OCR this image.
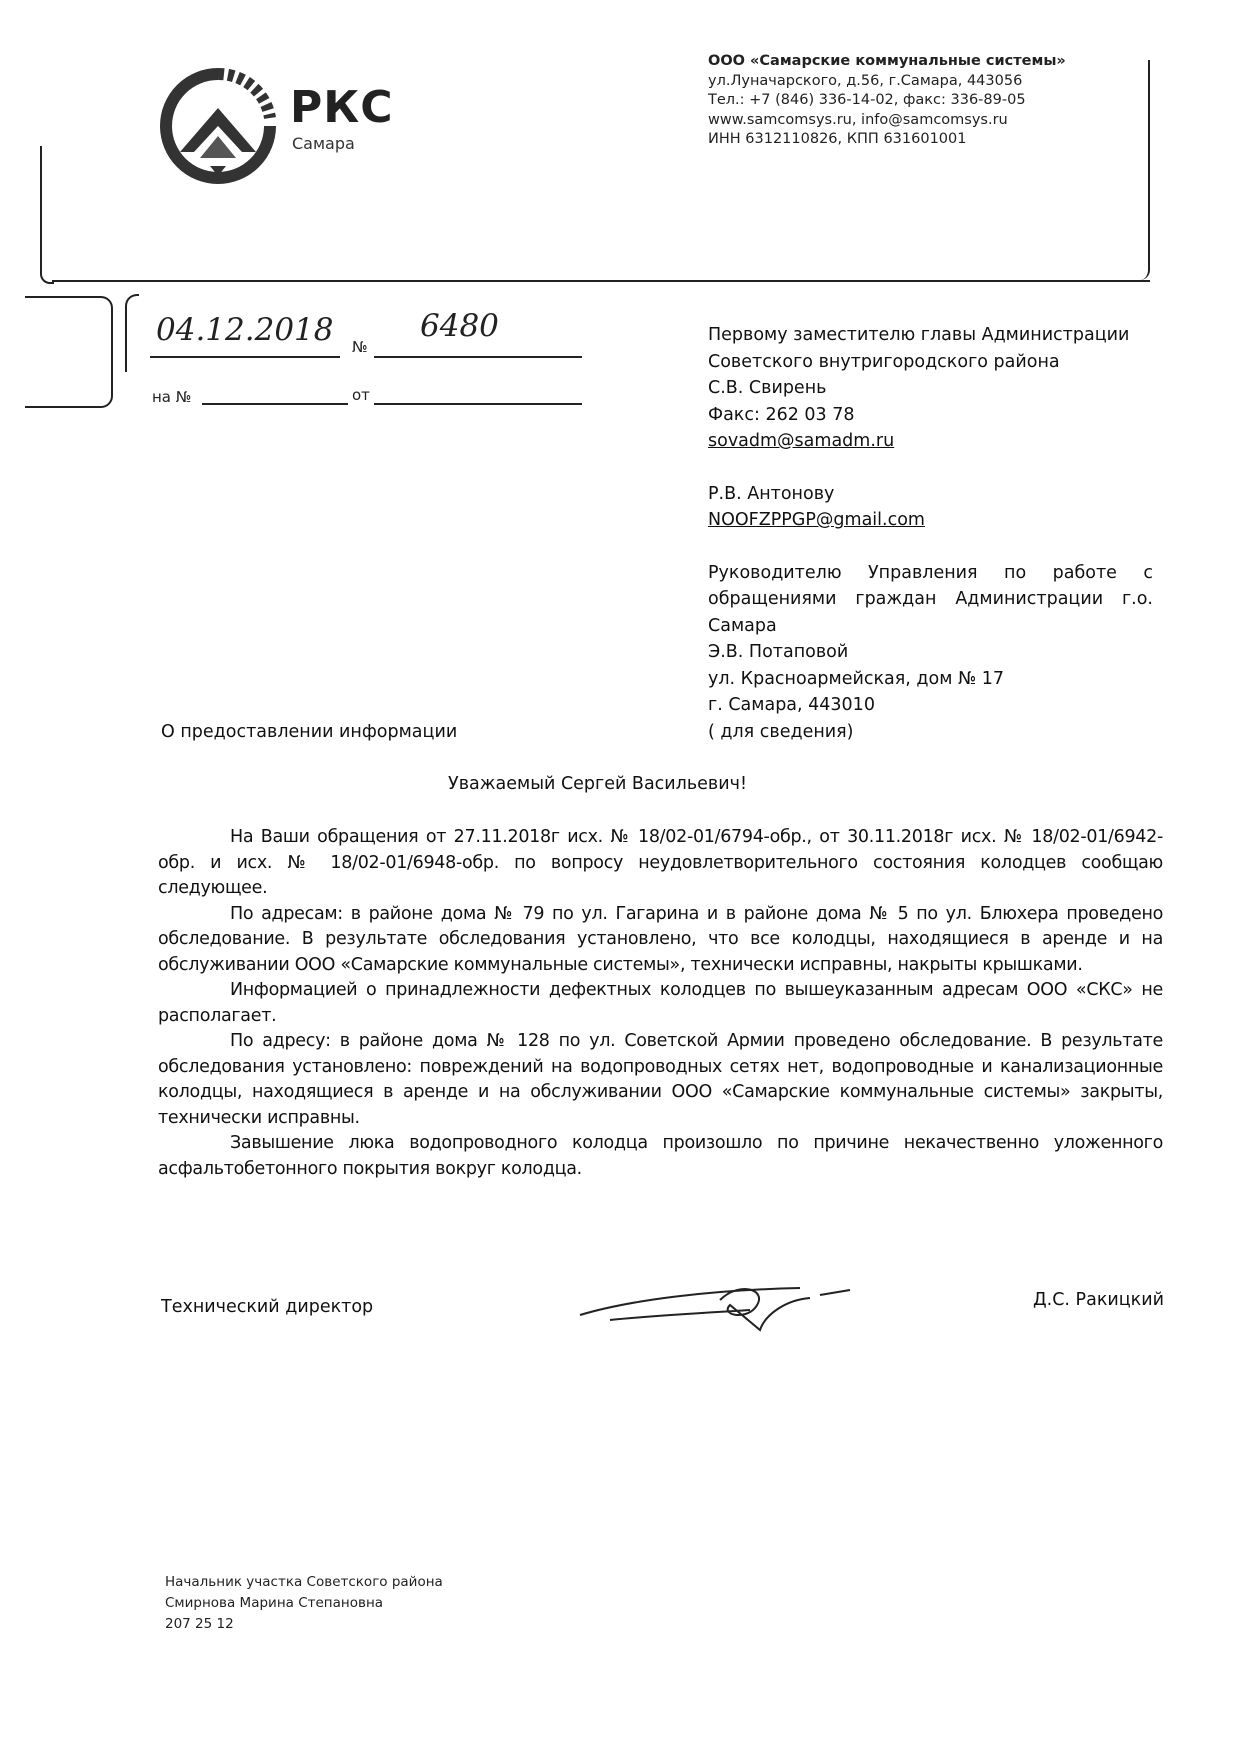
РКС
Самара
ООО «Самарские коммунальные системы»
ул.Луначарского, д.56, г.Самара, 443056
Тел.: +7 (846) 336-14-02, факс: 336-89-05
www.samcomsys.ru, info@samcomsys.ru
ИНН 6312110826, КПП 631601001
04.12.2018 №
6480
на №	от
Первому заместителю главы Администрации
Советского внутригородского района
С.В. Свирень
Факс: 262 03 78
sovadm@samadm.ru
Р.В. Антонову
NOOFZPPGP@gmail.com
Руководителю Управления по работе с
обращениями граждан Администрации г.о.
Самара
Э.В. Потаповой
ул. Красноармейская, дом № 17
г. Самара, 443010
( для сведения)
О предоставлении информации
Уважаемый Сергей Васильевич!

На Ваши обращения от 27.11.2018г исх. № 18/02-01/6794-обр., от 30.11.2018г исх. № 18/02-01/6942-обр. и исх. № 18/02-01/6948-обр. по вопросу неудовлетворительного состояния колодцев сообщаю следующее.

По адресам: в районе дома № 79 по ул. Гагарина и в районе дома № 5 по ул. Блюхера проведено обследование. В результате обследования установлено, что все колодцы, находящиеся в аренде и на обслуживании ООО «Самарские коммунальные системы», технически исправны, накрыты крышками.

Информацией о принадлежности дефектных колодцев по вышеуказанным адресам ООО «СКС» не располагает.

По адресу: в районе дома № 128 по ул. Советской Армии проведено обследование. В результате обследования установлено: повреждений на водопроводных сетях нет, водопроводные и канализационные колодцы, находящиеся в аренде и на обслуживании ООО «Самарские коммунальные системы» закрыты, технически исправны.

Завышение люка водопроводного колодца произошло по причине некачественно уложенного асфальтобетонного покрытия вокруг колодца.

Технический директор	Д.С. Ракицкий
Начальник участка Советского района
Смирнова Марина Степановна
207 25 12
